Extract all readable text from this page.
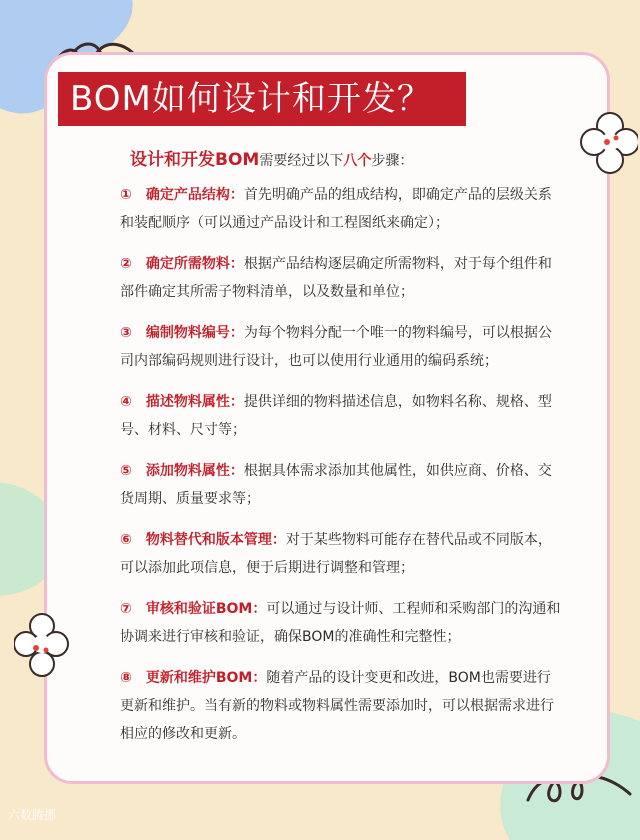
BOM如何设计和开发？

设计和开发BOM需要经过以下八个步骤：

① 确定产品结构：首先明确产品的组成结构，即确定产品的层级关系和装配顺序（可以通过产品设计和工程图纸来确定）；

② 确定所需物料：根据产品结构逐层确定所需物料，对于每个组件和部件确定其所需子物料清单，以及数量和单位；

③ 编制物料编号：为每个物料分配一个唯一的物料编号，可以根据公司内部编码规则进行设计，也可以使用行业通用的编码系统；

④ 描述物料属性：提供详细的物料描述信息，如物料名称、规格、型号、材料、尺寸等；

⑤ 添加物料属性：根据具体需求添加其他属性，如供应商、价格、交货周期、质量要求等；

⑥ 物料替代和版本管理：对于某些物料可能存在替代品或不同版本，可以添加此项信息，便于后期进行调整和管理；

⑦ 审核和验证BOM：可以通过与设计师、工程师和采购部门的沟通和协调来进行审核和验证，确保BOM的准确性和完整性；

⑧ 更新和维护BOM：随着产品的设计变更和改进，BOM也需要进行更新和维护。当有新的物料或物料属性需要添加时，可以根据需求进行相应的修改和更新。

六数腾挪
